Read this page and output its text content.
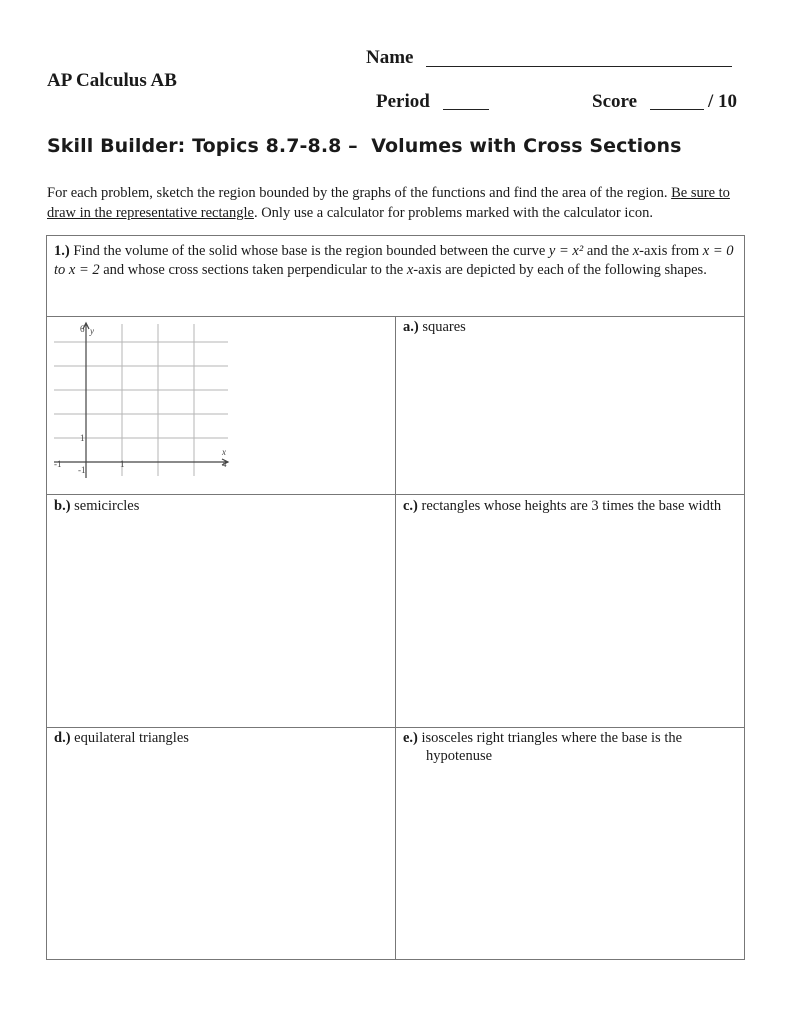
Name
AP Calculus AB
Period	Score	/ 10
Skill Builder: Topics 8.7-8.8 –  Volumes with Cross Sections
For each problem, sketch the region bounded by the graphs of the functions and find the area of the region. Be sure to draw in the representative rectangle. Only use a calculator for problems marked with the calculator icon.
1.) Find the volume of the solid whose base is the region bounded between the curve y = x² and the x-axis from x = 0 to x = 2 and whose cross sections taken perpendicular to the x-axis are depicted by each of the following shapes.
6 y
1
-1
-1	1
x
4
a.) squares
b.) semicircles	c.) rectangles whose heights are 3 times the base width
d.) equilateral triangles	e.) isosceles right triangles where the base is the hypotenuse
